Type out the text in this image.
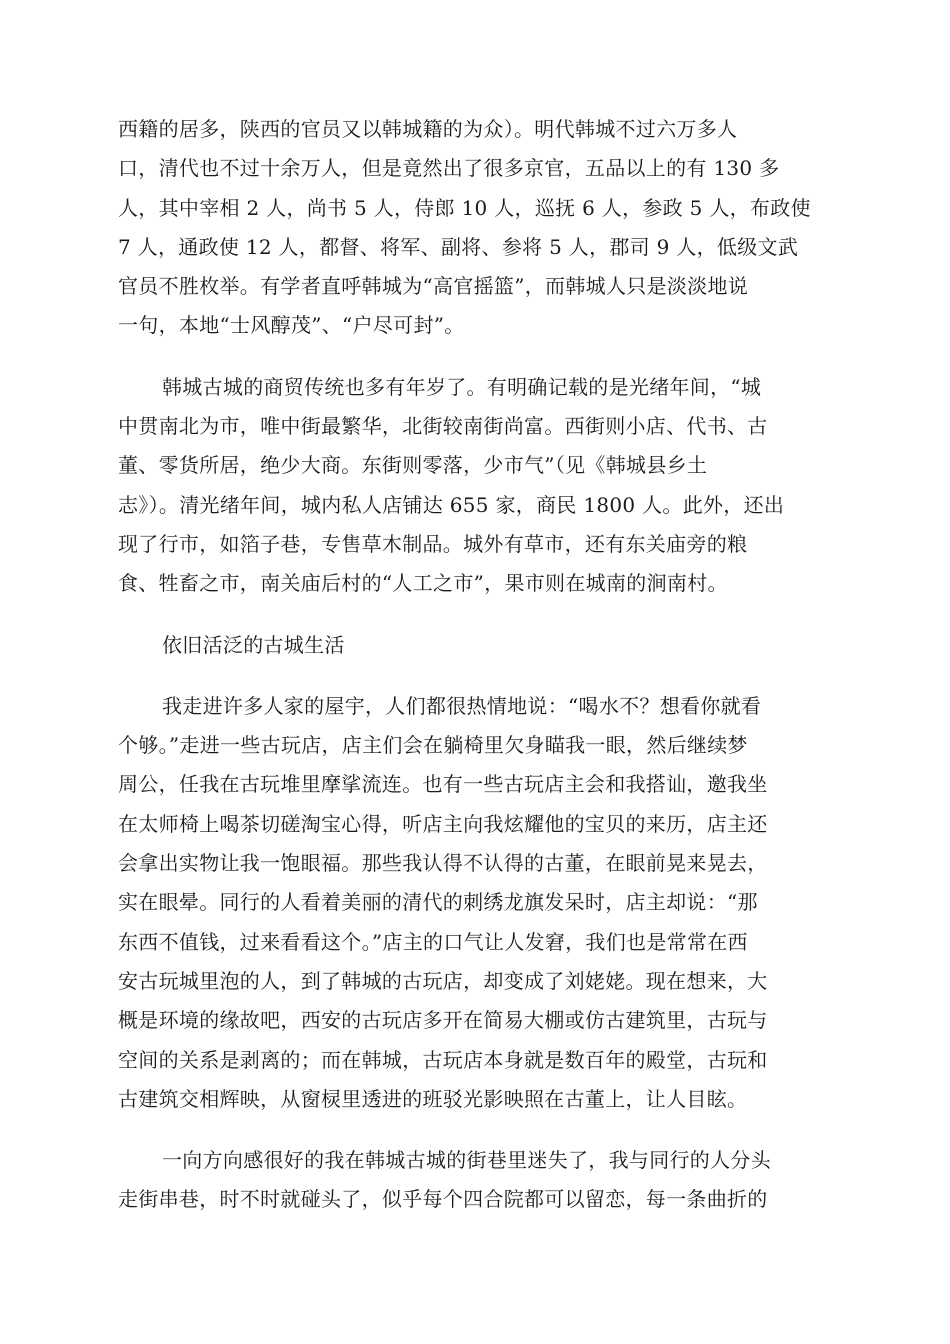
西籍的居多，陕西的官员又以韩城籍的为众）。明代韩城不过六万多人
口，清代也不过十余万人，但是竟然出了很多京官，五品以上的有 130 多
人，其中宰相 2 人，尚书 5 人，侍郎 10 人，巡抚 6 人，参政 5 人，布政使
7 人，通政使 12 人，都督、将军、副将、参将 5 人，郡司 9 人，低级文武
官员不胜枚举。有学者直呼韩城为“高官摇篮”，而韩城人只是淡淡地说
一句，本地“士风醇茂”、“户尽可封”。
韩城古城的商贸传统也多有年岁了。有明确记载的是光绪年间，“城
中贯南北为市，唯中街最繁华，北街较南街尚富。西街则小店、代书、古
董、零货所居，绝少大商。东街则零落，少市气”（见《韩城县乡土
志》）。清光绪年间，城内私人店铺达 655 家，商民 1800 人。此外，还出
现了行市，如箔子巷，专售草木制品。城外有草市，还有东关庙旁的粮
食、牲畜之市，南关庙后村的“人工之市”，果市则在城南的涧南村。
依旧活泛的古城生活
我走进许多人家的屋宇，人们都很热情地说：“喝水不？想看你就看
个够。”走进一些古玩店，店主们会在躺椅里欠身瞄我一眼，然后继续梦
周公，任我在古玩堆里摩挲流连。也有一些古玩店主会和我搭讪，邀我坐
在太师椅上喝茶切磋淘宝心得，听店主向我炫耀他的宝贝的来历，店主还
会拿出实物让我一饱眼福。那些我认得不认得的古董，在眼前晃来晃去，
实在眼晕。同行的人看着美丽的清代的刺绣龙旗发呆时，店主却说：“那
东西不值钱，过来看看这个。”店主的口气让人发窘，我们也是常常在西
安古玩城里泡的人，到了韩城的古玩店，却变成了刘姥姥。现在想来，大
概是环境的缘故吧，西安的古玩店多开在简易大棚或仿古建筑里，古玩与
空间的关系是剥离的；而在韩城，古玩店本身就是数百年的殿堂，古玩和
古建筑交相辉映，从窗棂里透进的班驳光影映照在古董上，让人目眩。
一向方向感很好的我在韩城古城的街巷里迷失了，我与同行的人分头
走街串巷，时不时就碰头了，似乎每个四合院都可以留恋，每一条曲折的
